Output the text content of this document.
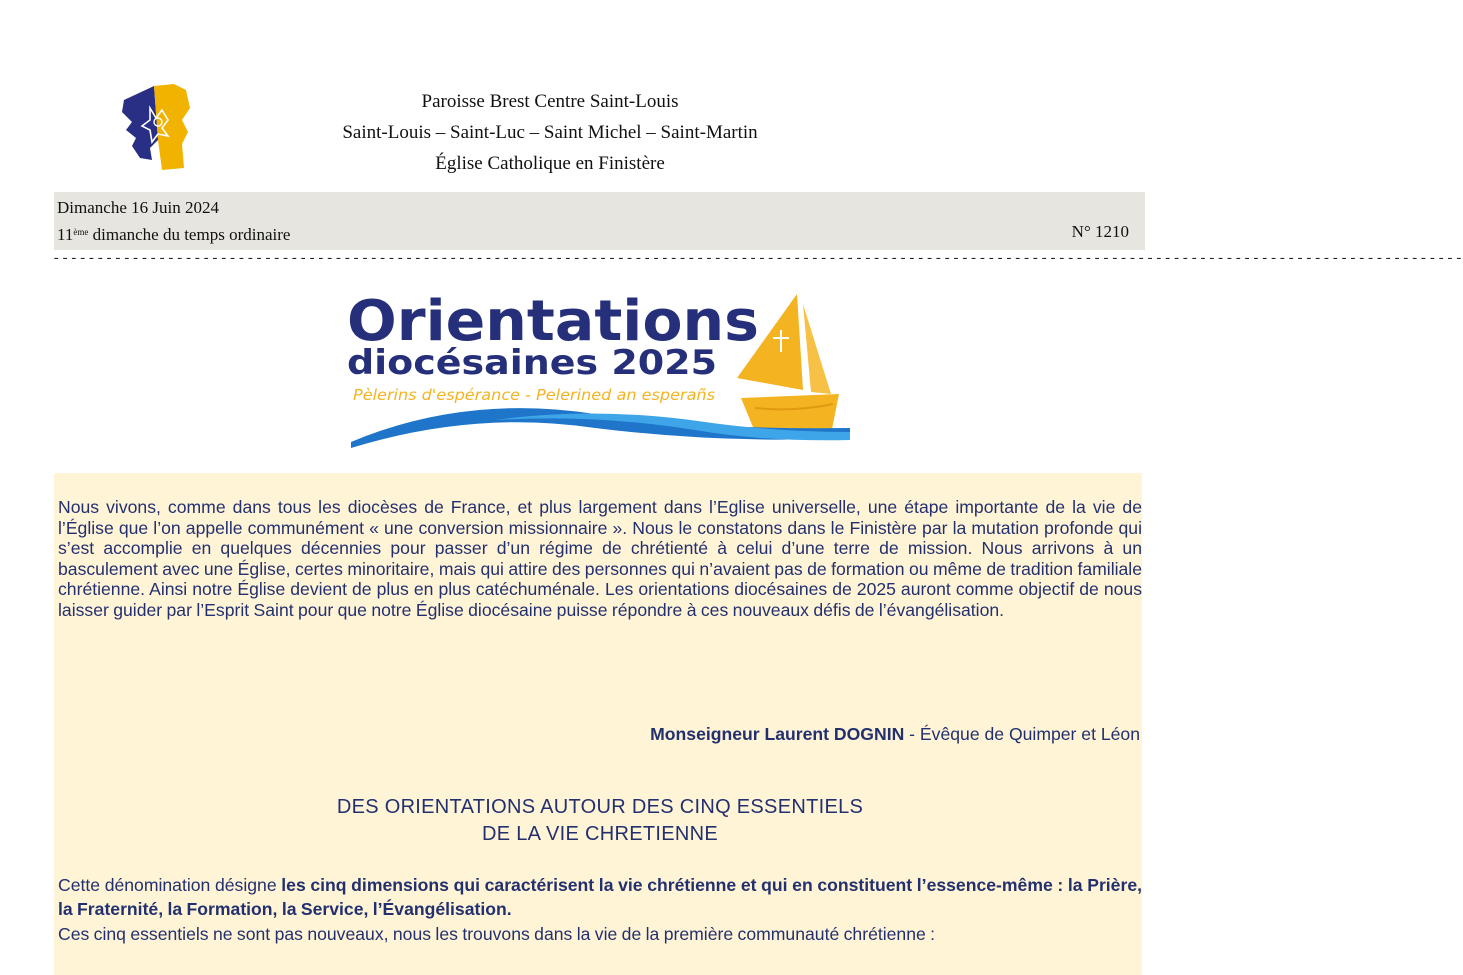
Paroisse Brest Centre Saint-Louis
Saint-Louis – Saint-Luc – Saint Michel – Saint-Martin
Église Catholique en Finistère
Dimanche 16 Juin 2024
11ème dimanche du temps ordinaire	N° 1210
----------------------------------------------------------------------------------------------------------------------------------------------------------------
Orientations
diocésaines 2025
Pèlerins d'espérance - Pelerined an esperañs

Nous vivons, comme dans tous les diocèses de France, et plus largement dans l’Eglise universelle, une étape importante de la vie de l’Église que l’on appelle communément « une conversion missionnaire ». Nous le constatons dans le Finistère par la mutation profonde qui s’est accomplie en quelques décennies pour passer d’un régime de chrétienté à celui d’une terre de mission. Nous arrivons à un basculement avec une Église, certes minoritaire, mais qui attire des personnes qui n’avaient pas de formation ou même de tradition familiale chrétienne. Ainsi notre Église devient de plus en plus catéchuménale. Les orientations diocésaines de 2025 auront comme objectif de nous laisser guider par l’Esprit Saint pour que notre Église diocésaine puisse répondre à ces nouveaux défis de l’évangélisation.

Monseigneur Laurent DOGNIN - Évêque de Quimper et Léon
DES ORIENTATIONS AUTOUR DES CINQ ESSENTIELS
DE LA VIE CHRETIENNE

Cette dénomination désigne les cinq dimensions qui caractérisent la vie chrétienne et qui en constituent l’essence-même : la Prière, la Fraternité, la Formation, la Service, l’Évangélisation.

Ces cinq essentiels ne sont pas nouveaux, nous les trouvons dans la vie de la première communauté chrétienne :
